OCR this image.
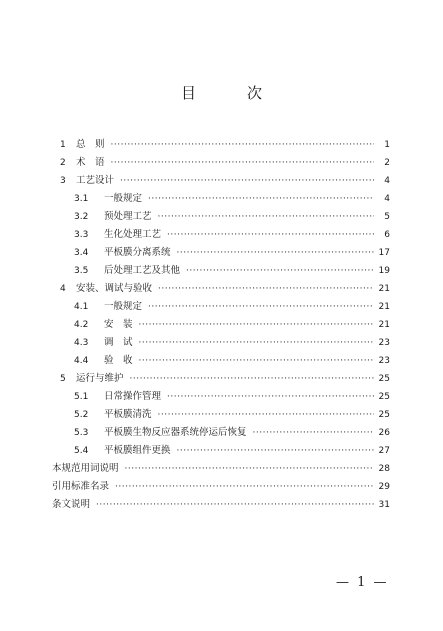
目　次
1	总　则 ·····	1
2	术　语 ·····	2
3	工艺设计 ·····	4
3.1	一般规定 ·····	4
3.2	预处理工艺 ·····	5
3.3	生化处理工艺 ·····	6
3.4	平板膜分离系统 ·····	17
3.5	后处理工艺及其他 ·····	19
4	安装、调试与验收 ·····	21
4.1	一般规定 ·····	21
4.2	安　装 ·····	21
4.3	调　试 ·····	23
4.4	验　收 ·····	23
5	运行与维护 ·····	25
5.1	日常操作管理 ·····	25
5.2	平板膜清洗 ·····	25
5.3	平板膜生物反应器系统停运后恢复 ·····	26
5.4	平板膜组件更换 ·····	27
本规范用词说明 ·····	28
引用标准名录 ·····	29
条文说明 ·····	31
— 1 —
